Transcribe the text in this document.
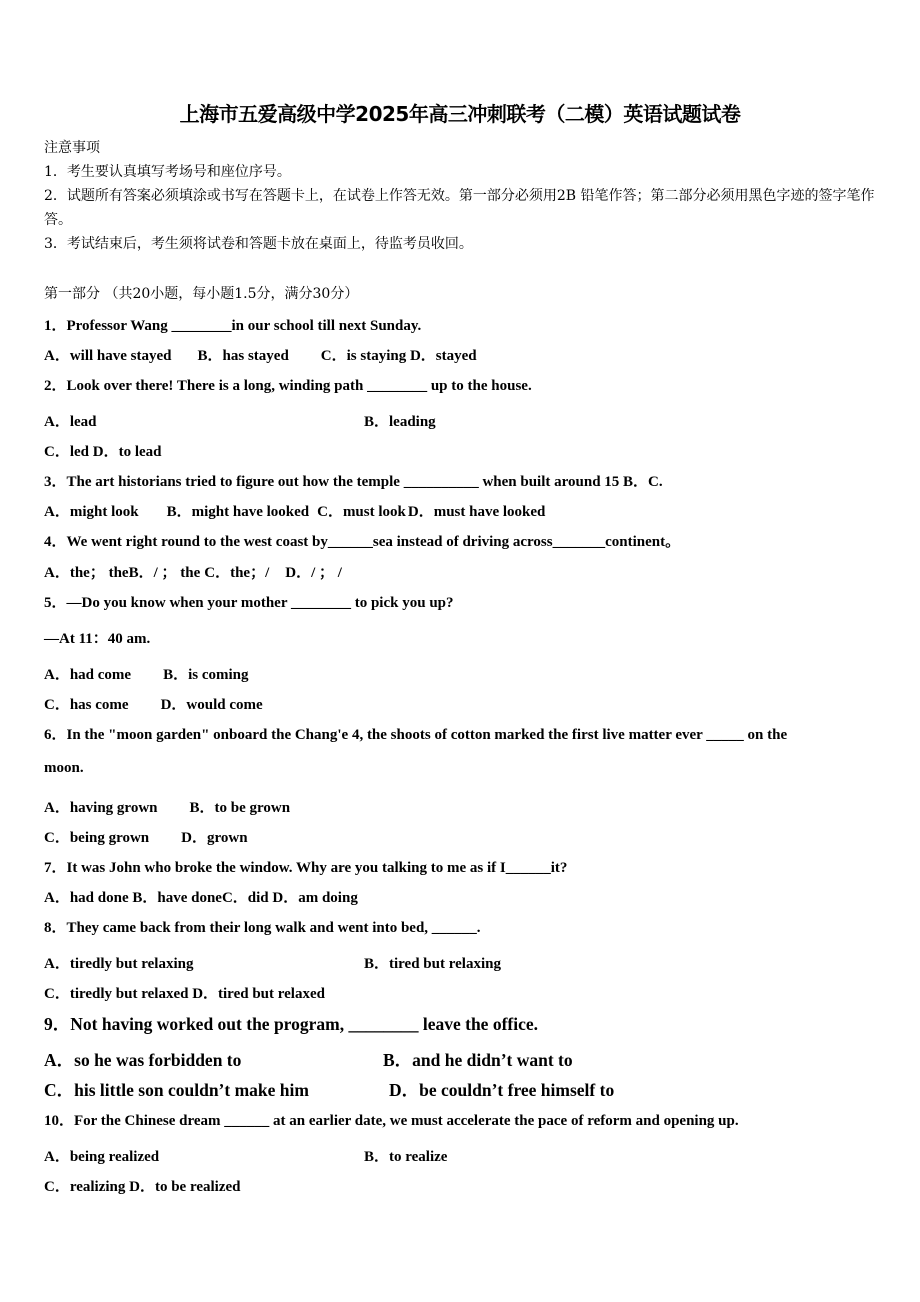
上海市五爱高级中学2025年高三冲刺联考（二模）英语试题试卷
注意事项
1．考生要认真填写考场号和座位序号。
2．试题所有答案必须填涂或书写在答题卡上，在试卷上作答无效。第一部分必须用2B 铅笔作答；第二部分必须用黑色字迹的签字笔作答。
3．考试结束后，考生须将试卷和答题卡放在桌面上，待监考员收回。
第一部分 （共20小题，每小题1.5分，满分30分）
1．Professor Wang ________in our school till next Sunday.
A．will have stayed B．has stayed C．is staying D．stayed
2．Look over there! There is a long, winding path ________ up to the house.
A．lead	B．leading
C．led D．to lead
3．The art historians tried to figure out how the temple __________ when built around 15 B．C.
A．might look B．might have looked C．must look D．must have looked
4．We went right round to the west coast by______sea instead of driving across_______continent。
A．the； theB．/ ； the C．the；/ D．/ ； /
5．—Do you know when your mother ________ to pick you up?
—At 11：40 am.
A．had come B．is coming
C．has come D．would come
6．In the "moon garden" onboard the Chang'e 4, the shoots of cotton marked the first live matter ever _____ on the
moon.
A．having grown B．to be grown
C．being grown D．grown
7．It was John who broke the window. Why are you talking to me as if I______it?
A．had done B．have doneC．did D．am doing
8．They came back from their long walk and went into bed, ______.
A．tiredly but relaxing	B．tired but relaxing
C．tiredly but relaxed D．tired but relaxed
9．Not having worked out the program, ________ leave the office.
A．so he was forbidden to	B．and he didn’t want to
C．his little son couldn’t make him	D．be couldn’t free himself to
10．For the Chinese dream ______ at an earlier date, we must accelerate the pace of reform and opening up.
A．being realized	B．to realize
C．realizing D．to be realized
